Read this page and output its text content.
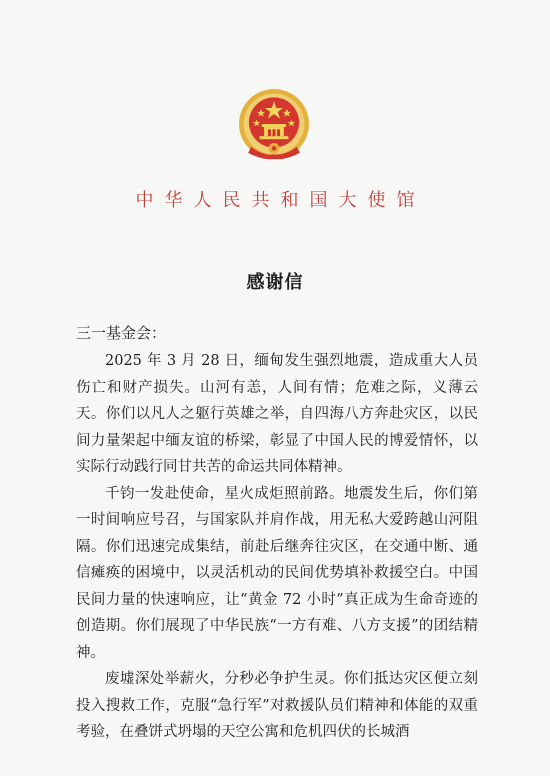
中华人民共和国大使馆
感谢信
三一基金会：

2025 年 3 月 28 日，缅甸发生强烈地震，造成重大人员伤亡和财产损失。山河有恙，人间有情；危难之际，义薄云天。你们以凡人之躯行英雄之举，自四海八方奔赴灾区，以民间力量架起中缅友谊的桥梁，彰显了中国人民的博爱情怀，以实际行动践行同甘共苦的命运共同体精神。

千钧一发赴使命，星火成炬照前路。地震发生后，你们第一时间响应号召，与国家队并肩作战，用无私大爱跨越山河阻隔。你们迅速完成集结，前赴后继奔往灾区，在交通中断、通信瘫痪的困境中，以灵活机动的民间优势填补救援空白。中国民间力量的快速响应，让“黄金 72 小时”真正成为生命奇迹的创造期。你们展现了中华民族“一方有难、八方支援”的团结精神。

废墟深处举薪火，分秒必争护生灵。你们抵达灾区便立刻投入搜救工作，克服“急行军”对救援队员们精神和体能的双重考验，在叠饼式坍塌的天空公寓和危机四伏的长城酒
